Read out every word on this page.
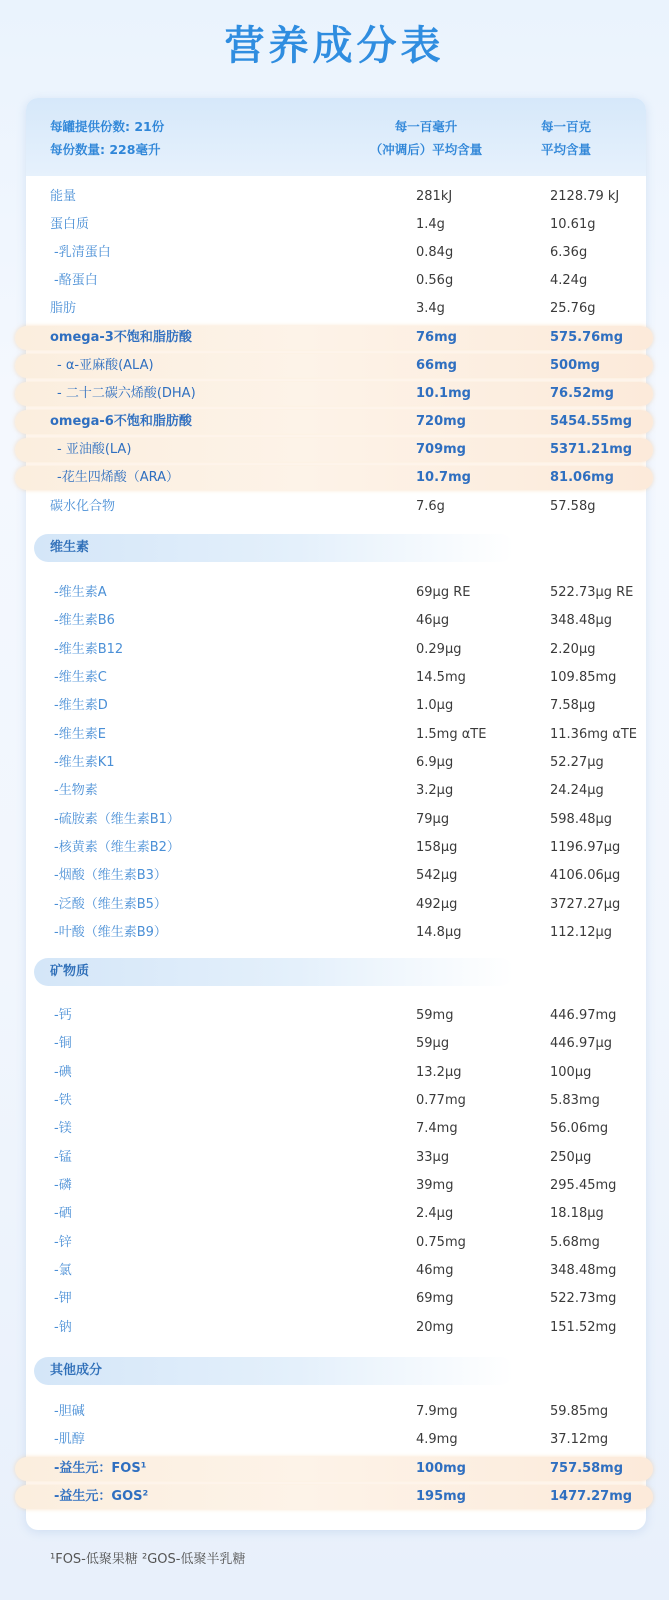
营养成分表
每罐提供份数: 21份
每份数量: 228毫升
每一百毫升
（冲调后）平均含量
每一百克
平均含量
能量	281kJ	2128.79 kJ
蛋白质	1.4g	10.61g
-乳清蛋白	0.84g	6.36g
-酪蛋白	0.56g	4.24g
脂肪	3.4g	25.76g
omega-3不饱和脂肪酸	76mg	575.76mg
- α-亚麻酸(ALA)	66mg	500mg
- 二十二碳六烯酸(DHA)	10.1mg	76.52mg
omega-6不饱和脂肪酸	720mg	5454.55mg
- 亚油酸(LA)	709mg	5371.21mg
-花生四烯酸（ARA）	10.7mg	81.06mg
碳水化合物	7.6g	57.58g
维生素
-维生素A	69µg RE	522.73µg RE
-维生素B6	46µg	348.48µg
-维生素B12	0.29µg	2.20µg
-维生素C	14.5mg	109.85mg
-维生素D	1.0µg	7.58µg
-维生素E	1.5mg αTE	11.36mg αTE
-维生素K1	6.9µg	52.27µg
-生物素	3.2µg	24.24µg
-硫胺素（维生素B1）	79µg	598.48µg
-核黄素（维生素B2）	158µg	1196.97µg
-烟酸（维生素B3）	542µg	4106.06µg
-泛酸（维生素B5）	492µg	3727.27µg
-叶酸（维生素B9）	14.8µg	112.12µg
矿物质
-钙	59mg	446.97mg
-铜	59µg	446.97µg
-碘	13.2µg	100µg
-铁	0.77mg	5.83mg
-镁	7.4mg	56.06mg
-锰	33µg	250µg
-磷	39mg	295.45mg
-硒	2.4µg	18.18µg
-锌	0.75mg	5.68mg
-氯	46mg	348.48mg
-钾	69mg	522.73mg
-钠	20mg	151.52mg
其他成分
-胆碱	7.9mg	59.85mg
-肌醇	4.9mg	37.12mg
-益生元：FOS¹	100mg	757.58mg
-益生元：GOS²	195mg	1477.27mg
¹FOS-低聚果糖 ²GOS-低聚半乳糖
